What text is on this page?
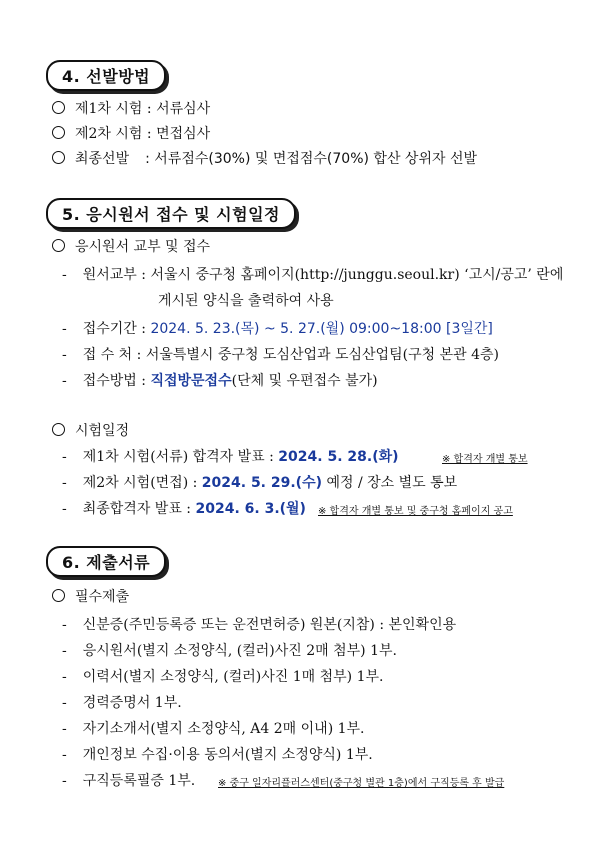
4. 선발방법
제1차 시험 : 서류심사
제2차 시험 : 면접심사
최종선발 : 서류점수(30%) 및 면접점수(70%) 합산 상위자 선발
5. 응시원서 접수 및 시험일정
응시원서 교부 및 접수
- 원서교부 : 서울시 중구청 홈페이지(http://junggu.seoul.kr) ‘고시/공고’ 란에
게시된 양식을 출력하여 사용
- 접수기간 : 2024. 5. 23.(목) ~ 5. 27.(월) 09:00~18:00 [3일간]
- 접 수 처 : 서울특별시 중구청 도심산업과 도심산업팀(구청 본관 4층)
- 접수방법 : 직접방문접수(단체 및 우편접수 불가)
시험일정
- 제1차 시험(서류) 합격자 발표 : 2024. 5. 28.(화)	※ 합격자 개별 통보
- 제2차 시험(면접) : 2024. 5. 29.(수) 예정 / 장소 별도 통보
- 최종합격자 발표 : 2024. 6. 3.(월) ※ 합격자 개별 통보 및 중구청 홈페이지 공고
6. 제출서류
필수제출
- 신분증(주민등록증 또는 운전면허증) 원본(지참) : 본인확인용
- 응시원서(별지 소정양식, (컬러)사진 2매 첨부) 1부.
- 이력서(별지 소정양식, (컬러)사진 1매 첨부) 1부.
- 경력증명서 1부.
- 자기소개서(별지 소정양식, A4 2매 이내) 1부.
- 개인정보 수집·이용 동의서(별지 소정양식) 1부.
- 구직등록필증 1부. ※ 중구 일자리플러스센터(중구청 별관 1층)에서 구직등록 후 발급
